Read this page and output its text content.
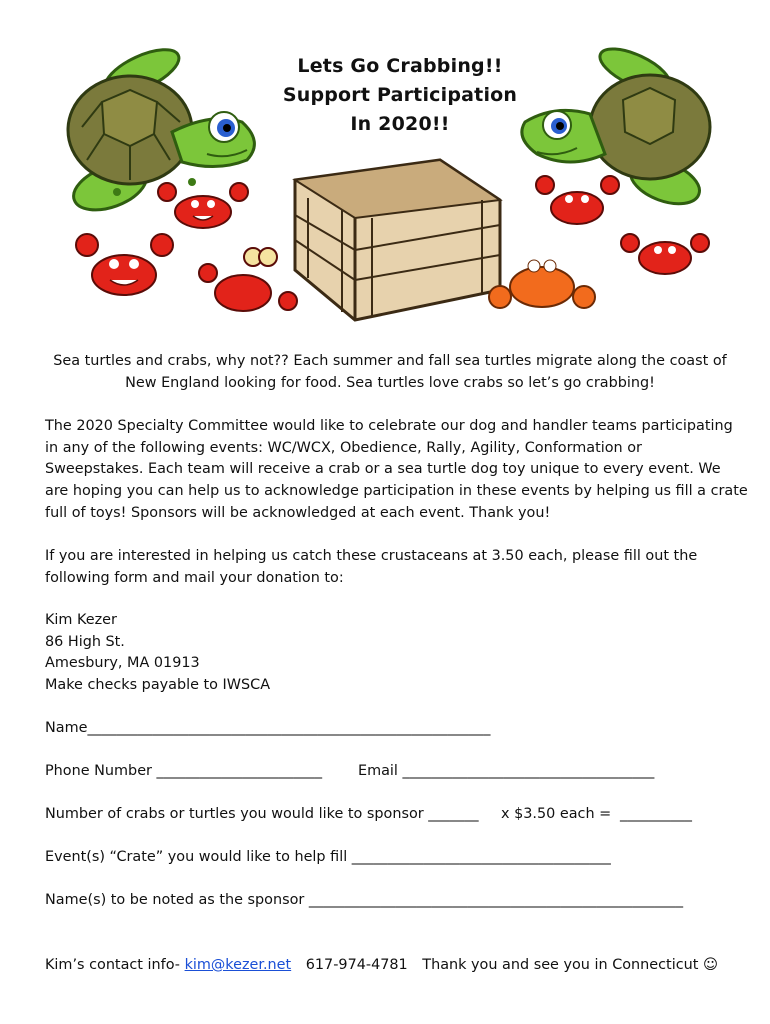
Lets Go Crabbing!!
Support Participation
In 2020!!
Sea turtles and crabs, why not?? Each summer and fall sea turtles migrate along the coast of
New England looking for food. Sea turtles love crabs so let’s go crabbing!
The 2020 Specialty Committee would like to celebrate our dog and handler teams participating
in any of the following events: WC/WCX, Obedience, Rally, Agility, Conformation or
Sweepstakes. Each team will receive a crab or a sea turtle dog toy unique to every event. We
are hoping you can help us to acknowledge participation in these events by helping us fill a crate
full of toys! Sponsors will be acknowledged at each event. Thank you!
If you are interested in helping us catch these crustaceans at 3.50 each, please fill out the
following form and mail your donation to:
Kim Kezer
86 High St.
Amesbury, MA 01913
Make checks payable to IWSCA
Name________________________________________________________
Phone Number _______________________ Email ___________________________________
Number of crabs or turtles you would like to sponsor _______ x $3.50 each = __________
Event(s) “Crate” you would like to help fill ____________________________________
Name(s) to be noted as the sponsor ____________________________________________________
Kim’s contact info- kim@kezer.net 617-974-4781 Thank you and see you in Connecticut ☺
